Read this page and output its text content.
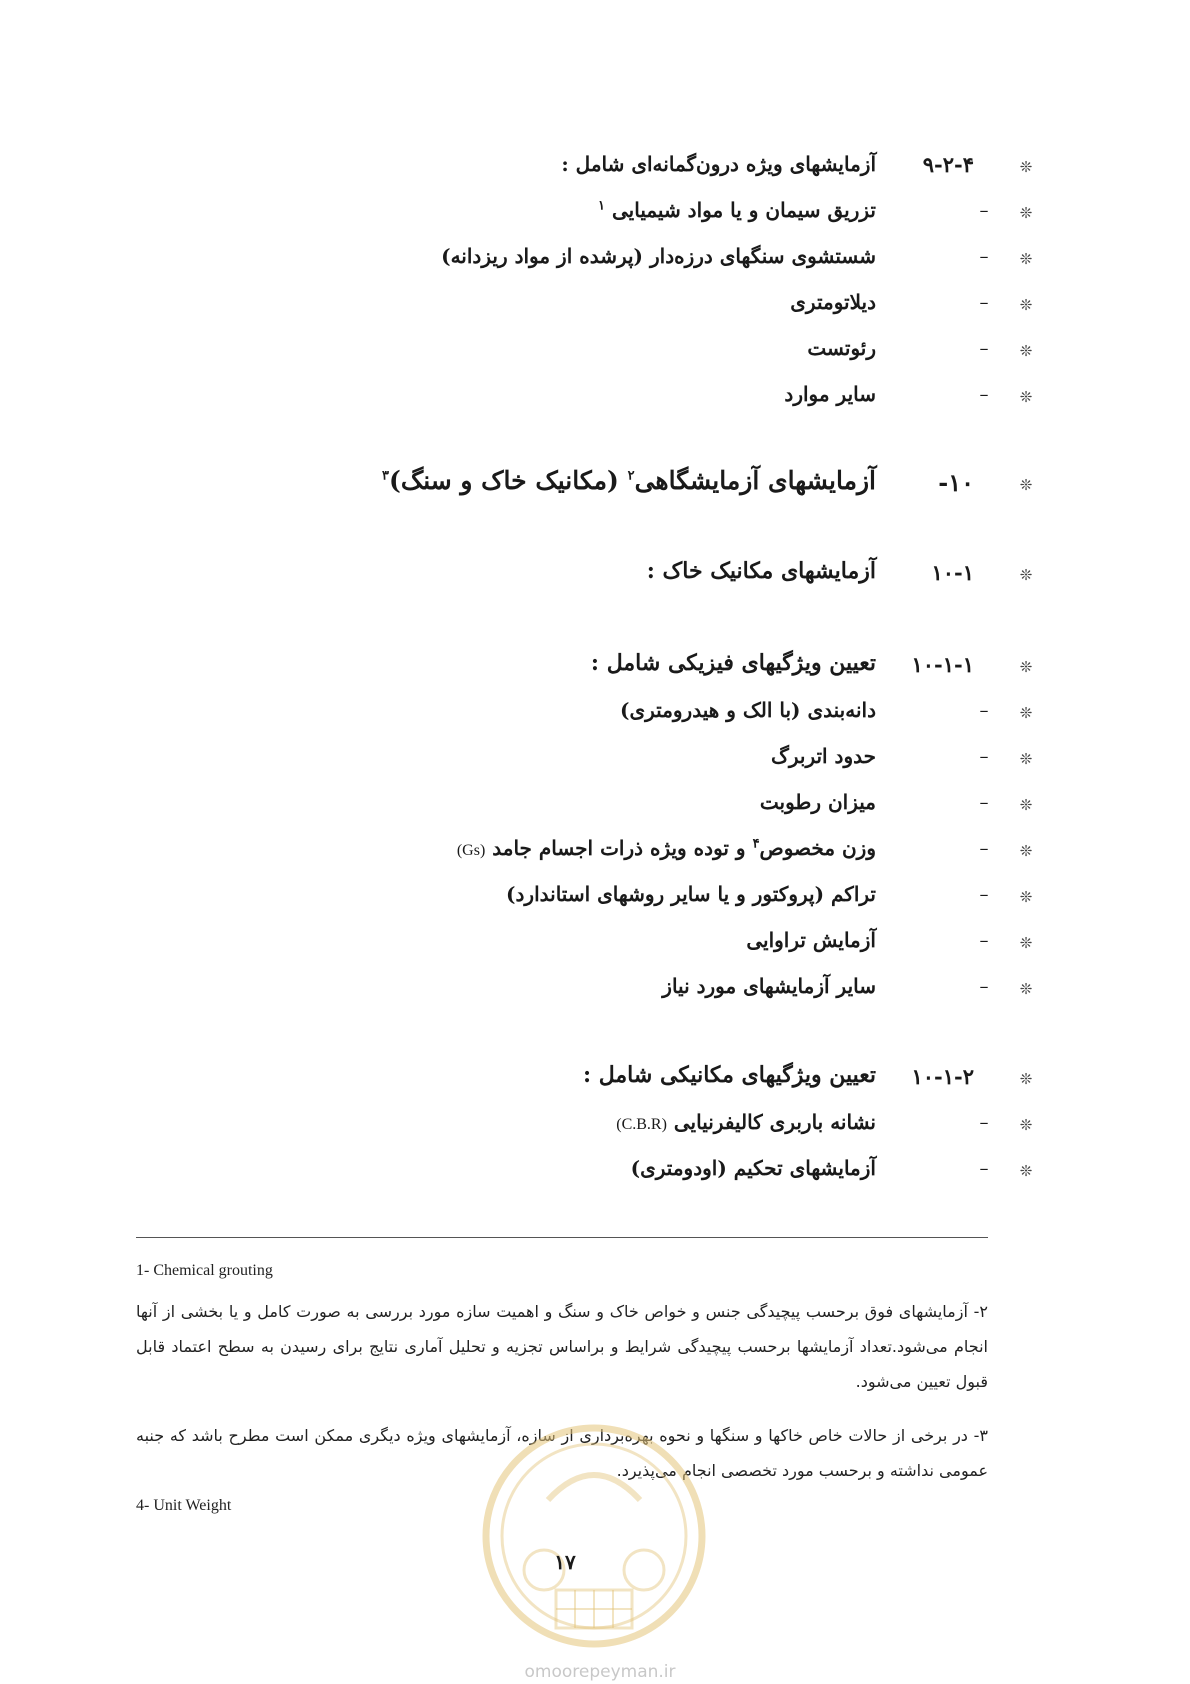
❊
۹-۲-۴
آزمایشهای ویژه درون‌گمانه‌ای شامل :
❊
–
تزریق سیمان و یا مواد شیمیایی $^۱$
❊
–
شستشوی سنگهای درزه‌دار (پرشده از مواد ریزدانه)
❊
–
دیلاتومتری
❊
–
رئوتست
❊
–
سایر موارد
❊
۱۰-
آزمایشهای آزمایشگاهی$^۲$ (مکانیک خاک و سنگ)$^۳$
❊
۱۰-۱
آزمایشهای مکانیک خاک :
❊
۱۰-۱-۱
تعیین ویژگیهای فیزیکی شامل :
❊
–
دانه‌بندی (با الک و هیدرومتری)
❊
–
حدود اتربرگ
❊
–
میزان رطوبت
❊
–
وزن مخصوص$^۴$ و توده ویژه ذرات اجسام جامد (Gs)
❊
–
تراکم (پروکتور و یا سایر روشهای استاندارد)
❊
–
آزمایش تراوایی
❊
–
سایر آزمایشهای مورد نیاز
❊
۱۰-۱-۲
تعیین ویژگیهای مکانیکی شامل :
❊
–
نشانه باربری کالیفرنیایی (C.B.R)
❊
–
آزمایشهای تحکیم (اودومتری)
1- Chemical grouting
۲- آزمایشهای فوق برحسب پیچیدگی جنس و خواص خاک و سنگ و اهمیت سازه مورد بررسی به صورت کامل و یا بخشی از آنها انجام می‌شود.تعداد آزمایشها برحسب پیچیدگی شرایط و براساس تجزیه و تحلیل آماری نتایج برای رسیدن به سطح اعتماد قابل قبول تعیین می‌شود.
۳- در برخی از حالات خاص خاکها و سنگها و نحوه بهره‌برداری از سازه، آزمایشهای ویژه دیگری ممکن است مطرح باشد که جنبه عمومی نداشته و برحسب مورد تخصصی انجام می‌پذیرد.
4- Unit Weight
۱۷
omoorepeyman.ir
